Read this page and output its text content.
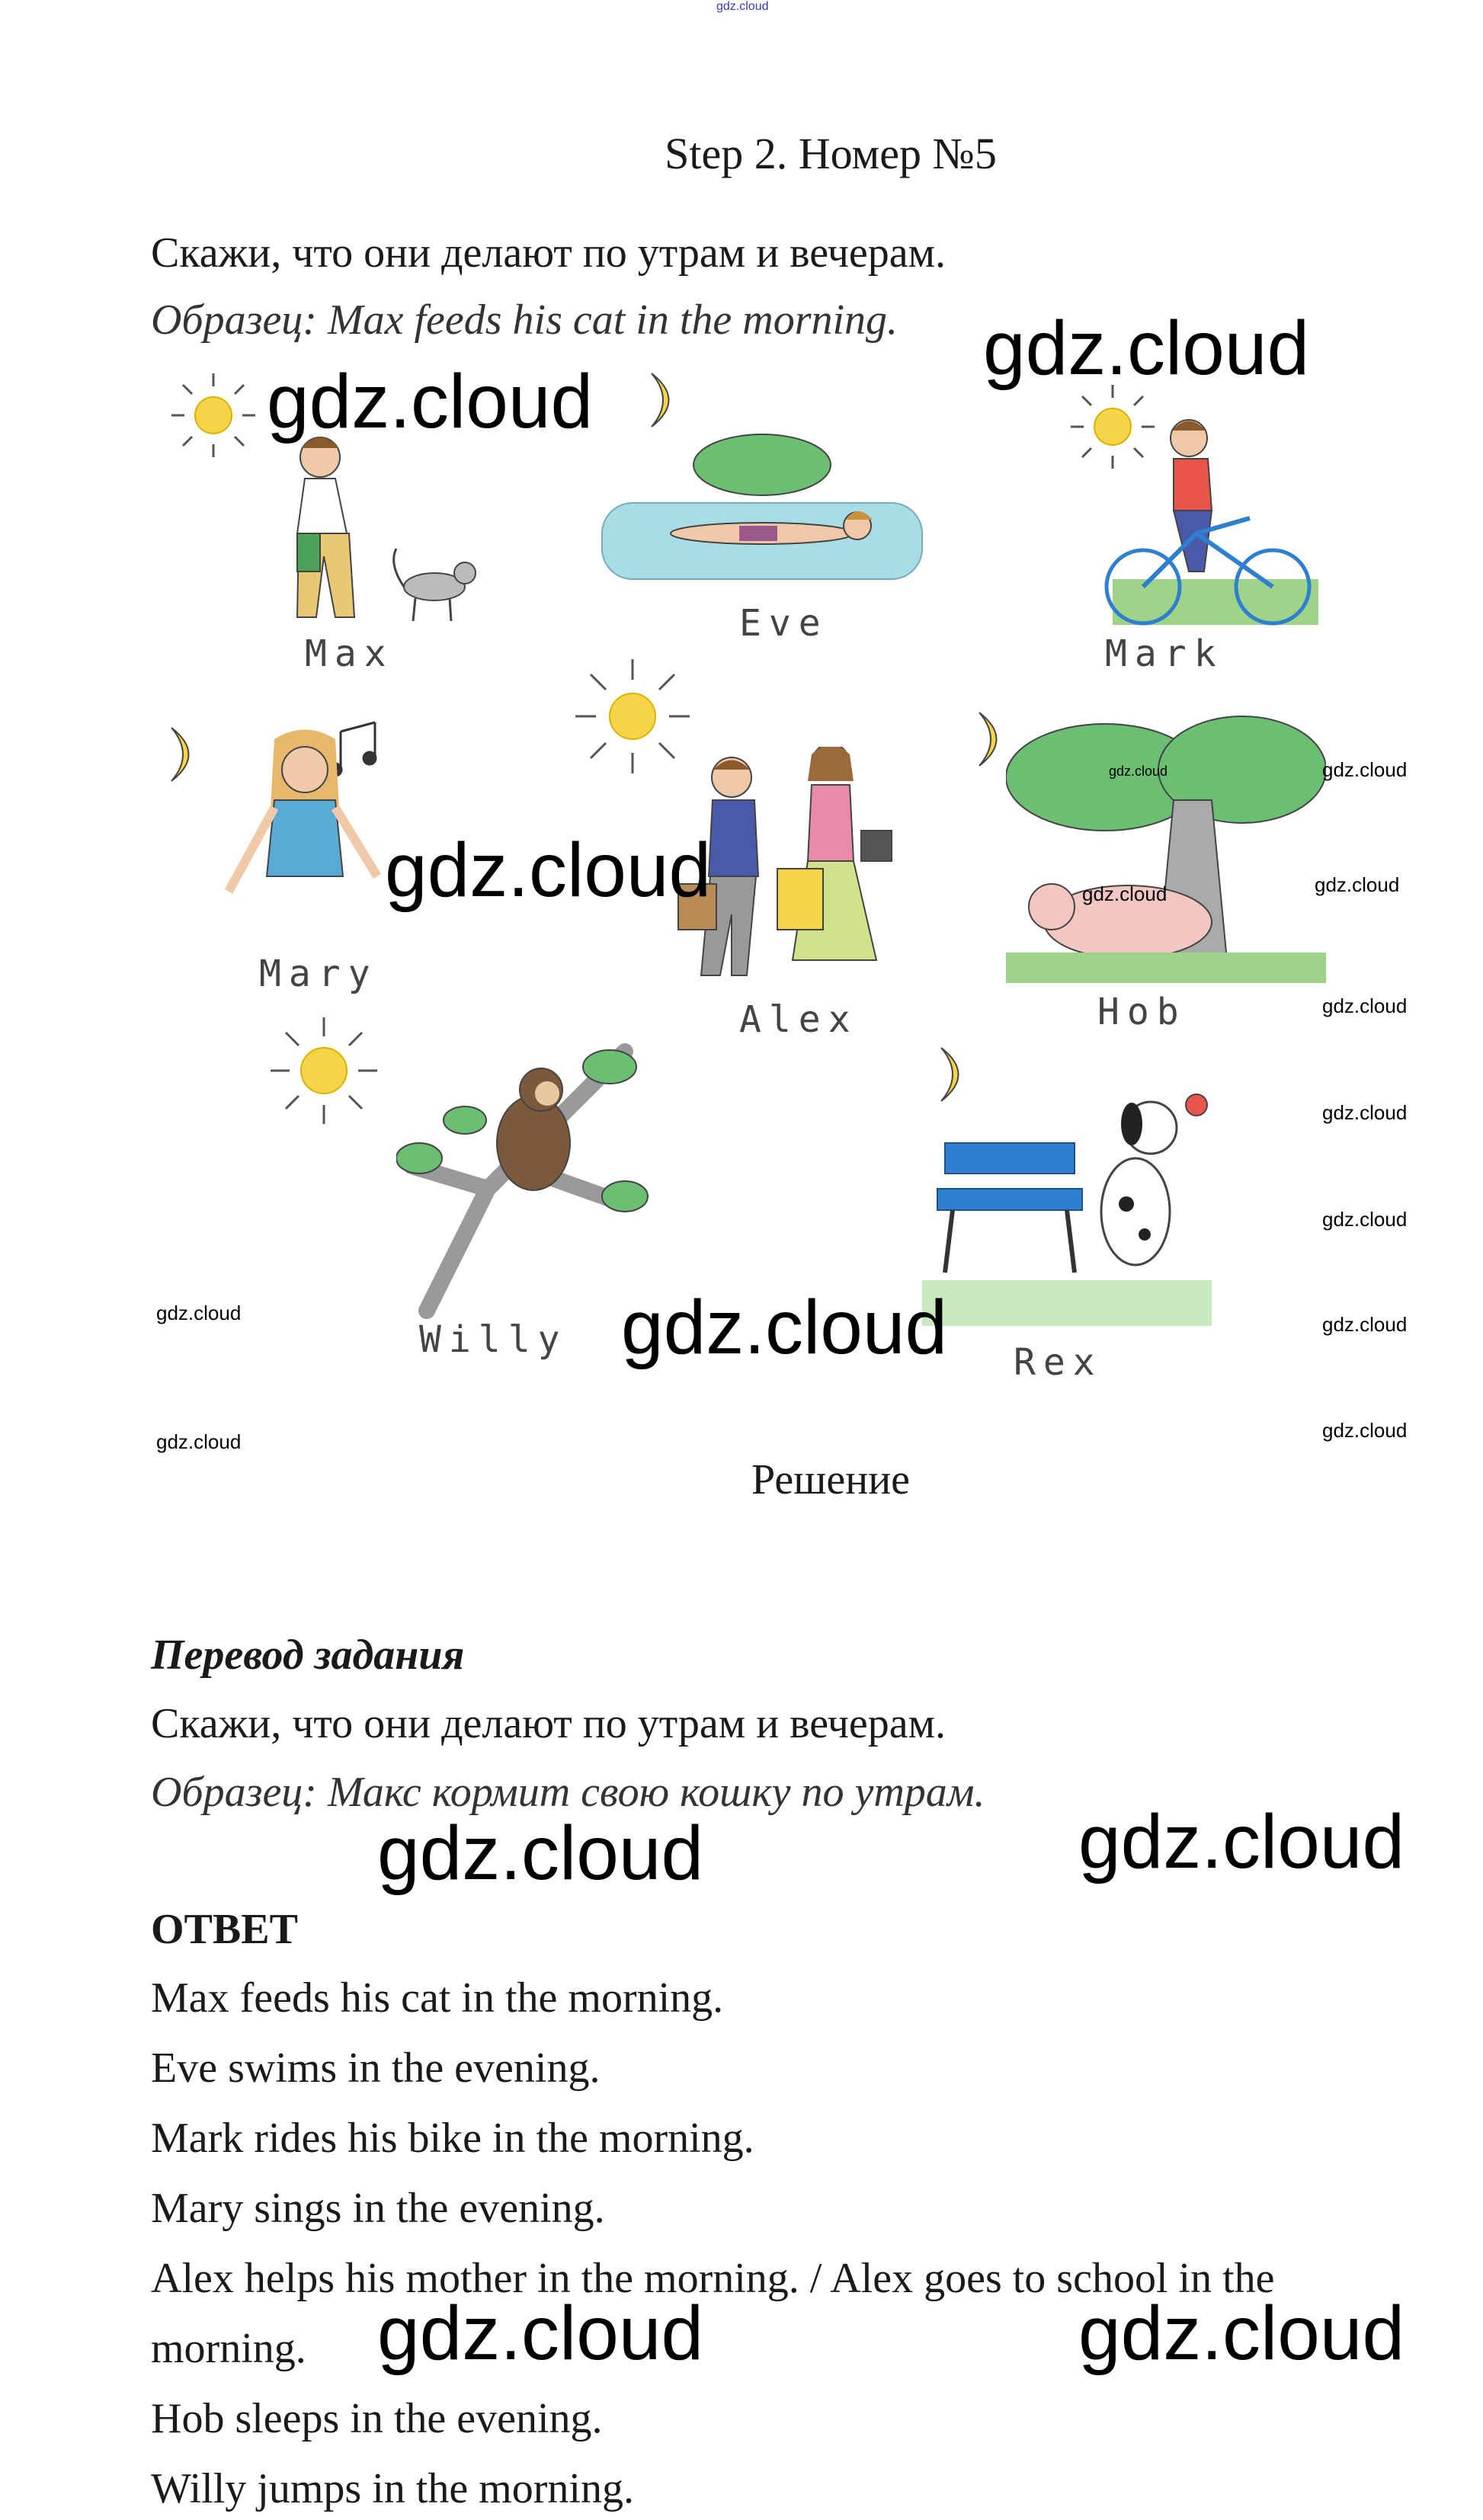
gdz.cloud
Step 2. Номер №5
Скажи, что они делают по утрам и вечерам.
Образец: Max feeds his cat in the morning.
Max
Eve
Mark
Mary
Alex	Hob
Willy
Rex
gdz.cloud
gdz.cloud
gdz.cloud
gdz.cloud
gdz.cloud	gdz.cloud
gdz.cloud	gdz.cloud
gdz.cloud
gdz.cloud
gdz.cloud
gdz.cloud
gdz.cloud
gdz.cloud
gdz.cloud
Решение
Перевод задания
Скажи, что они делают по утрам и вечерам.
Образец: Макс кормит свою кошку по утрам.
gdz.cloud	gdz.cloud
ОТВЕТ
Max feeds his cat in the morning.
Eve swims in the evening.
Mark rides his bike in the morning.
Mary sings in the evening.
Alex helps his mother in the morning. / Alex goes to school in the
morning.
Hob sleeps in the evening.
Willy jumps in the morning.
gdz.cloud	gdz.cloud
